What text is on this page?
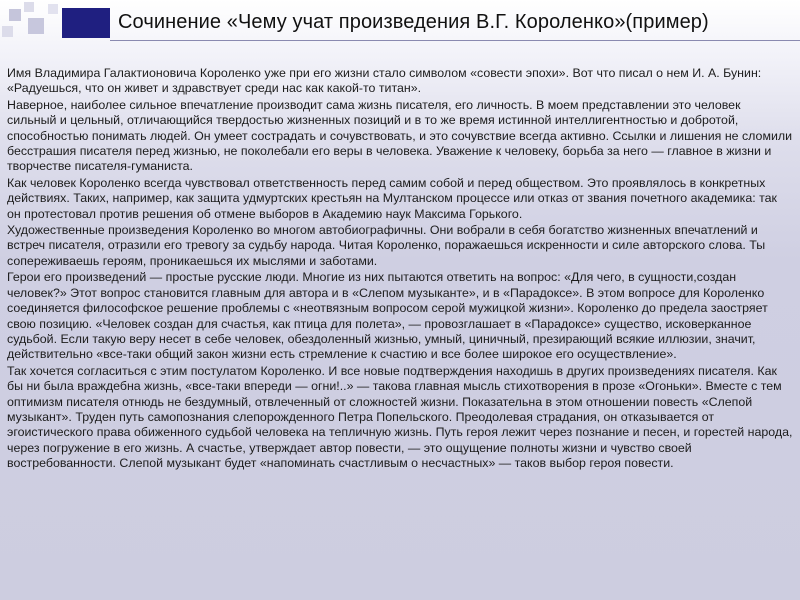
Сочинение «Чему учат произведения В.Г. Короленко»(пример)

Имя Владимира Галактионовича Короленко уже при его жизни стало символом «совести эпохи». Вот что писал о нем И. А. Бунин: «Радуешься, что он живет и здравствует среди нас как какой-то титан».

Наверное, наиболее сильное впечатление производит сама жизнь писателя, его личность. В моем представлении это человек сильный и цельный, отличающийся твердостью жизненных позиций и в то же время истинной интеллигентностью и добротой, способностью понимать людей. Он умеет сострадать и сочувствовать, и это сочувствие всегда активно. Ссылки и лишения не сломили бесстрашия писателя перед жизнью, не поколебали его веры в человека. Уважение к человеку, борьба за него — главное в жизни и творчестве писателя-гуманиста.

Как человек Короленко всегда чувствовал ответственность перед самим собой и перед обществом. Это проявлялось в конкретных действиях. Таких, например, как защита удмуртских крестьян на Мултанском процессе или отказ от звания почетного академика: так он протестовал против решения об отмене выборов в Академию наук Максима Горького.

Художественные произведения Короленко во многом автобиографичны. Они вобрали в себя богатство жизненных впечатлений и встреч писателя, отразили его тревогу за судьбу народа. Читая Короленко, поражаешься искренности и силе авторского слова. Ты сопереживаешь героям, проникаешься их мыслями и заботами.

Герои его произведений — простые русские люди. Многие из них пытаются ответить на вопрос: «Для чего, в сущности,создан человек?» Этот вопрос становится главным для автора и в «Слепом музыканте», и в «Парадоксе». В этом вопросе для Короленко соединяется философское решение проблемы с «неотвязным вопросом серой мужицкой жизни». Короленко до предела заостряет свою позицию. «Человек создан для счастья, как птица для полета», — провозглашает в «Парадоксе» существо, исковерканное судьбой. Если такую веру несет в себе человек, обездоленный жизнью, умный, циничный, презирающий всякие иллюзии, значит, действительно «все-таки общий закон жизни есть стремление к счастию и все более широкое его осуществление».

Так хочется согласиться с этим постулатом Короленко. И все новые подтверждения находишь в других произведениях писателя. Как бы ни была враждебна жизнь, «все-таки впереди — огни!..» — такова главная мысль стихотворения в прозе «Огоньки». Вместе с тем оптимизм писателя отнюдь не бездумный, отвлеченный от сложностей жизни. Показательна в этом отношении повесть «Слепой музыкант». Труден путь самопознания слепорожденного Петра Попельского. Преодолевая страдания, он отказывается от эгоистического права обиженного судьбой человека на тепличную жизнь. Путь героя лежит через познание и песен, и горестей народа, через погружение в его жизнь. А счастье, утверждает автор повести, — это ощущение полноты жизни и чувство своей востребованности. Слепой музыкант будет «напоминать счастливым о несчастных» — таков выбор героя повести.
